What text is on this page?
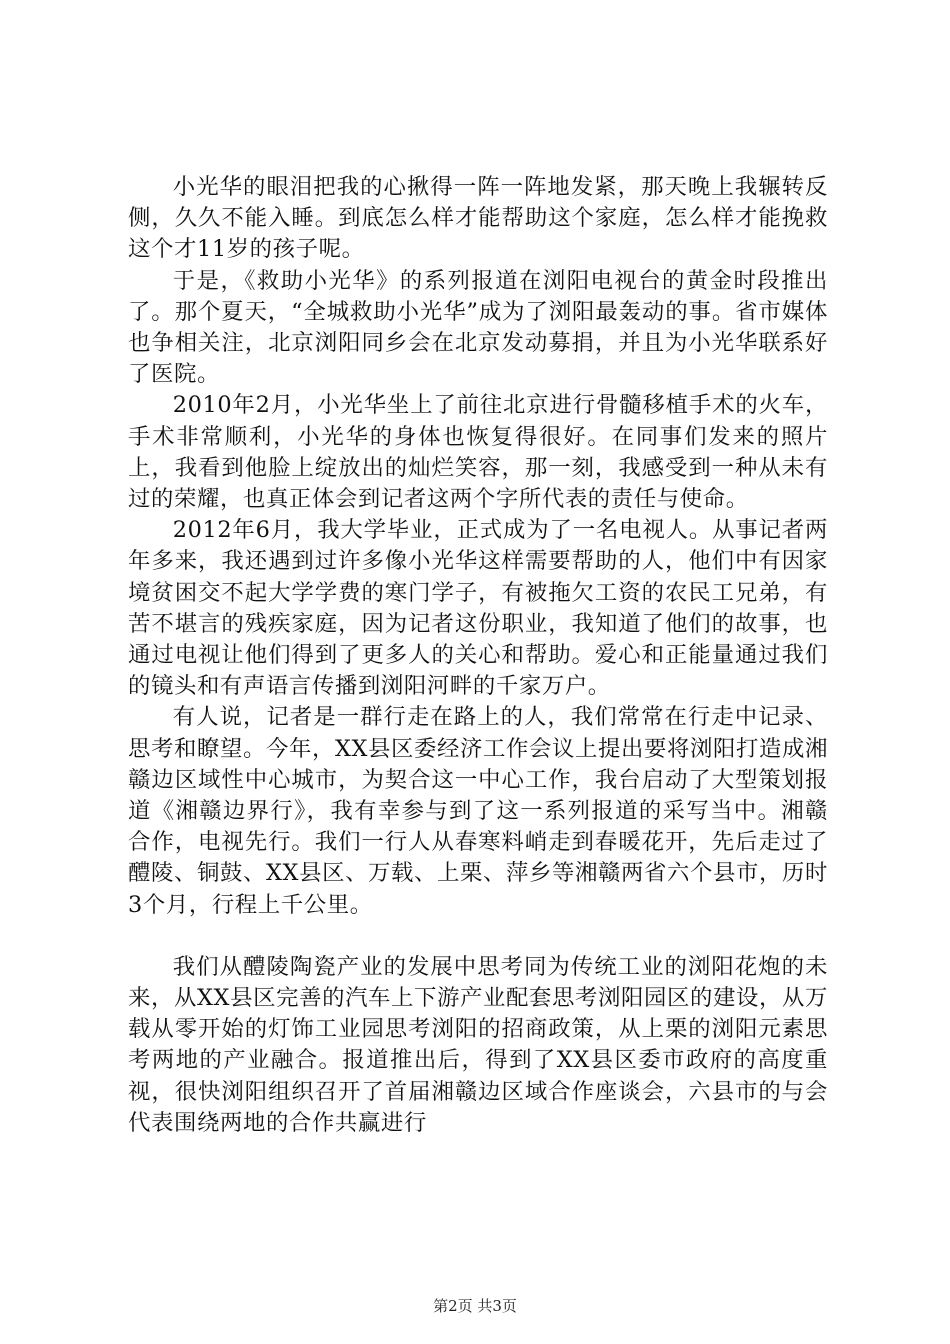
小光华的眼泪把我的心揪得一阵一阵地发紧，那天晚上我辗转反侧，久久不能入睡。到底怎么样才能帮助这个家庭，怎么样才能挽救这个才11岁的孩子呢。

于是，《救助小光华》的系列报道在浏阳电视台的黄金时段推出了。那个夏天，“全城救助小光华”成为了浏阳最轰动的事。省市媒体也争相关注，北京浏阳同乡会在北京发动募捐，并且为小光华联系好了医院。

2010年2月，小光华坐上了前往北京进行骨髓移植手术的火车，手术非常顺利，小光华的身体也恢复得很好。在同事们发来的照片上，我看到他脸上绽放出的灿烂笑容，那一刻，我感受到一种从未有过的荣耀，也真正体会到记者这两个字所代表的责任与使命。

2012年6月，我大学毕业，正式成为了一名电视人。从事记者两年多来，我还遇到过许多像小光华这样需要帮助的人，他们中有因家境贫困交不起大学学费的寒门学子，有被拖欠工资的农民工兄弟，有苦不堪言的残疾家庭，因为记者这份职业，我知道了他们的故事，也通过电视让他们得到了更多人的关心和帮助。爱心和正能量通过我们的镜头和有声语言传播到浏阳河畔的千家万户。

有人说，记者是一群行走在路上的人，我们常常在行走中记录、思考和瞭望。今年，XX县区委经济工作会议上提出要将浏阳打造成湘赣边区域性中心城市，为契合这一中心工作，我台启动了大型策划报道《湘赣边界行》，我有幸参与到了这一系列报道的采写当中。湘赣合作，电视先行。我们一行人从春寒料峭走到春暖花开，先后走过了醴陵、铜鼓、XX县区、万载、上栗、萍乡等湘赣两省六个县市，历时3个月，行程上千公里。

我们从醴陵陶瓷产业的发展中思考同为传统工业的浏阳花炮的未来，从XX县区完善的汽车上下游产业配套思考浏阳园区的建设，从万载从零开始的灯饰工业园思考浏阳的招商政策，从上栗的浏阳元素思考两地的产业融合。报道推出后，得到了XX县区委市政府的高度重视，很快浏阳组织召开了首届湘赣边区域合作座谈会，六县市的与会代表围绕两地的合作共赢进行

第2页 共3页
